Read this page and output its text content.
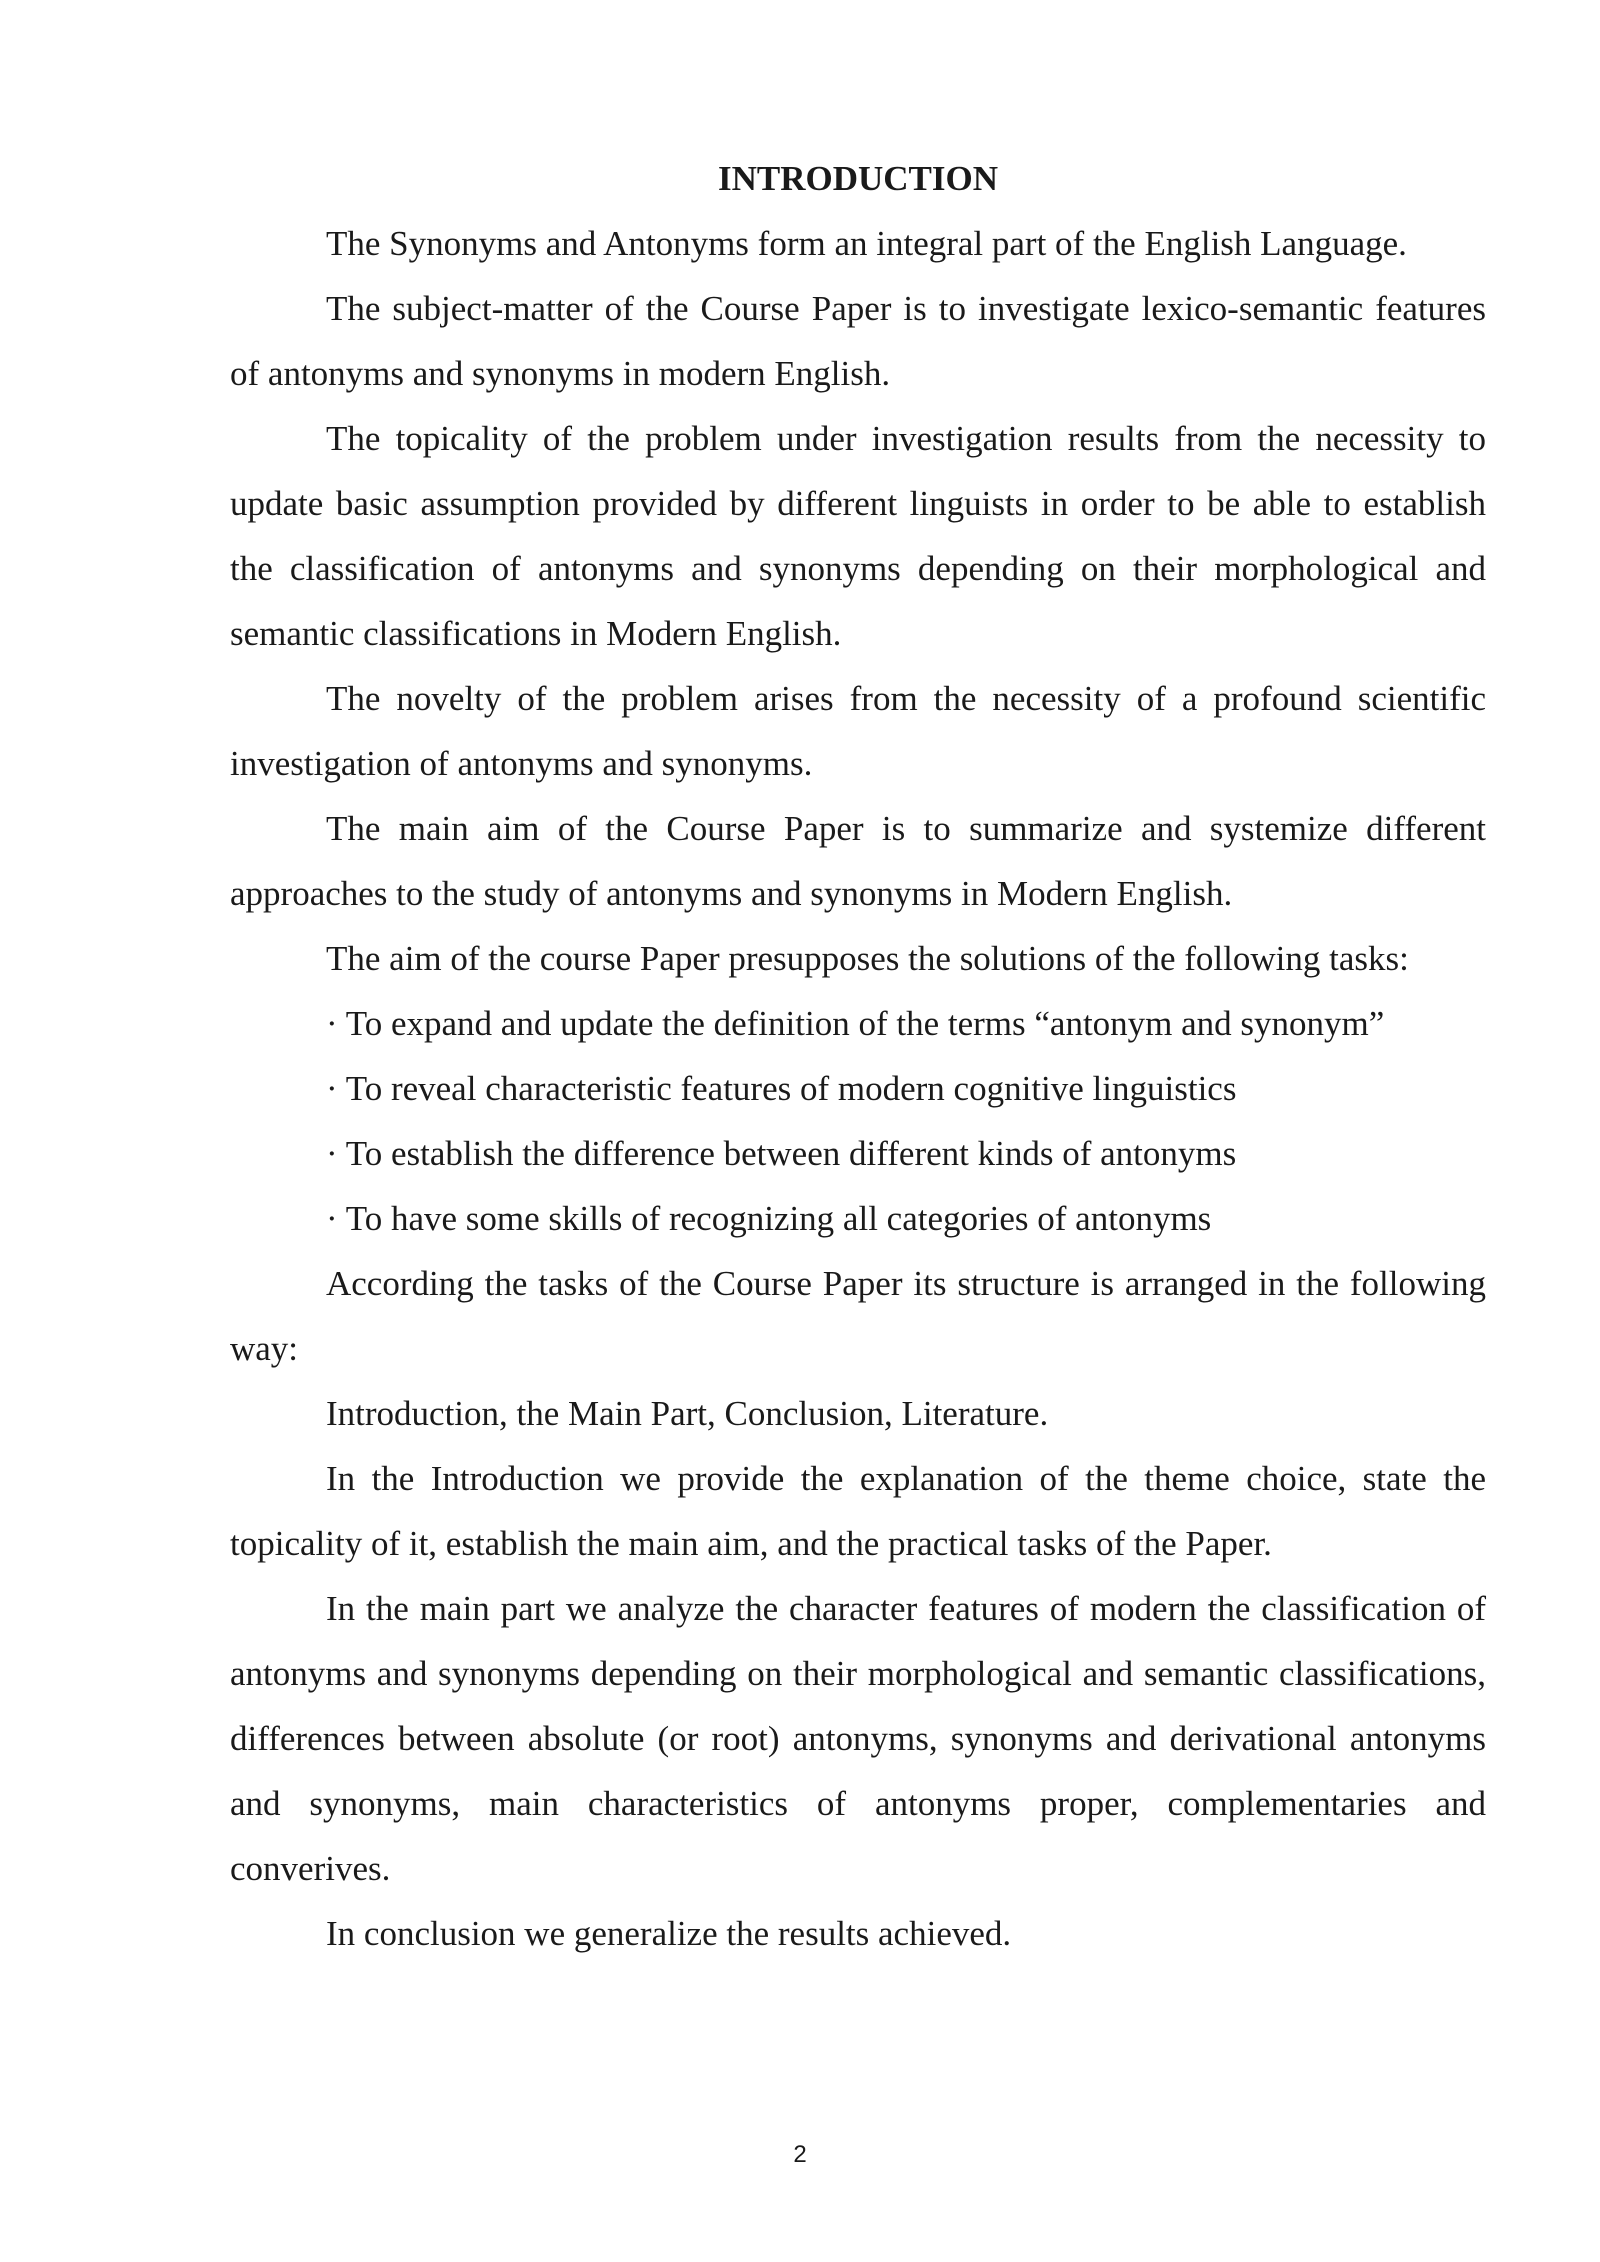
INTRODUCTION

The Synonyms and Antonyms form an integral part of the English Language.

The subject-matter of the Course Paper is to investigate lexico-semantic features of antonyms and synonyms in modern English.

The topicality of the problem under investigation results from the necessity to update basic assumption provided by different linguists in order to be able to establish the classification of antonyms and synonyms depending on their morphological and semantic classifications in Modern English.

The novelty of the problem arises from the necessity of a profound scientific investigation of antonyms and synonyms.

The main aim of the Course Paper is to summarize and systemize different approaches to the study of antonyms and synonyms in Modern English.

The aim of the course Paper presupposes the solutions of the following tasks:

· To expand and update the definition of the terms “antonym and synonym”

· To reveal characteristic features of modern cognitive linguistics

· To establish the difference between different kinds of antonyms

· To have some skills of recognizing all categories of antonyms

According the tasks of the Course Paper its structure is arranged in the following way:

Introduction, the Main Part, Conclusion, Literature.

In the Introduction we provide the explanation of the theme choice, state the topicality of it, establish the main aim, and the practical tasks of the Paper.

In the main part we analyze the character features of modern the classification of antonyms and synonyms depending on their morphological and semantic classifications, differences between absolute (or root) antonyms, synonyms and derivational antonyms and synonyms, main characteristics of antonyms proper, complementaries and converives.

In conclusion we generalize the results achieved.

2
